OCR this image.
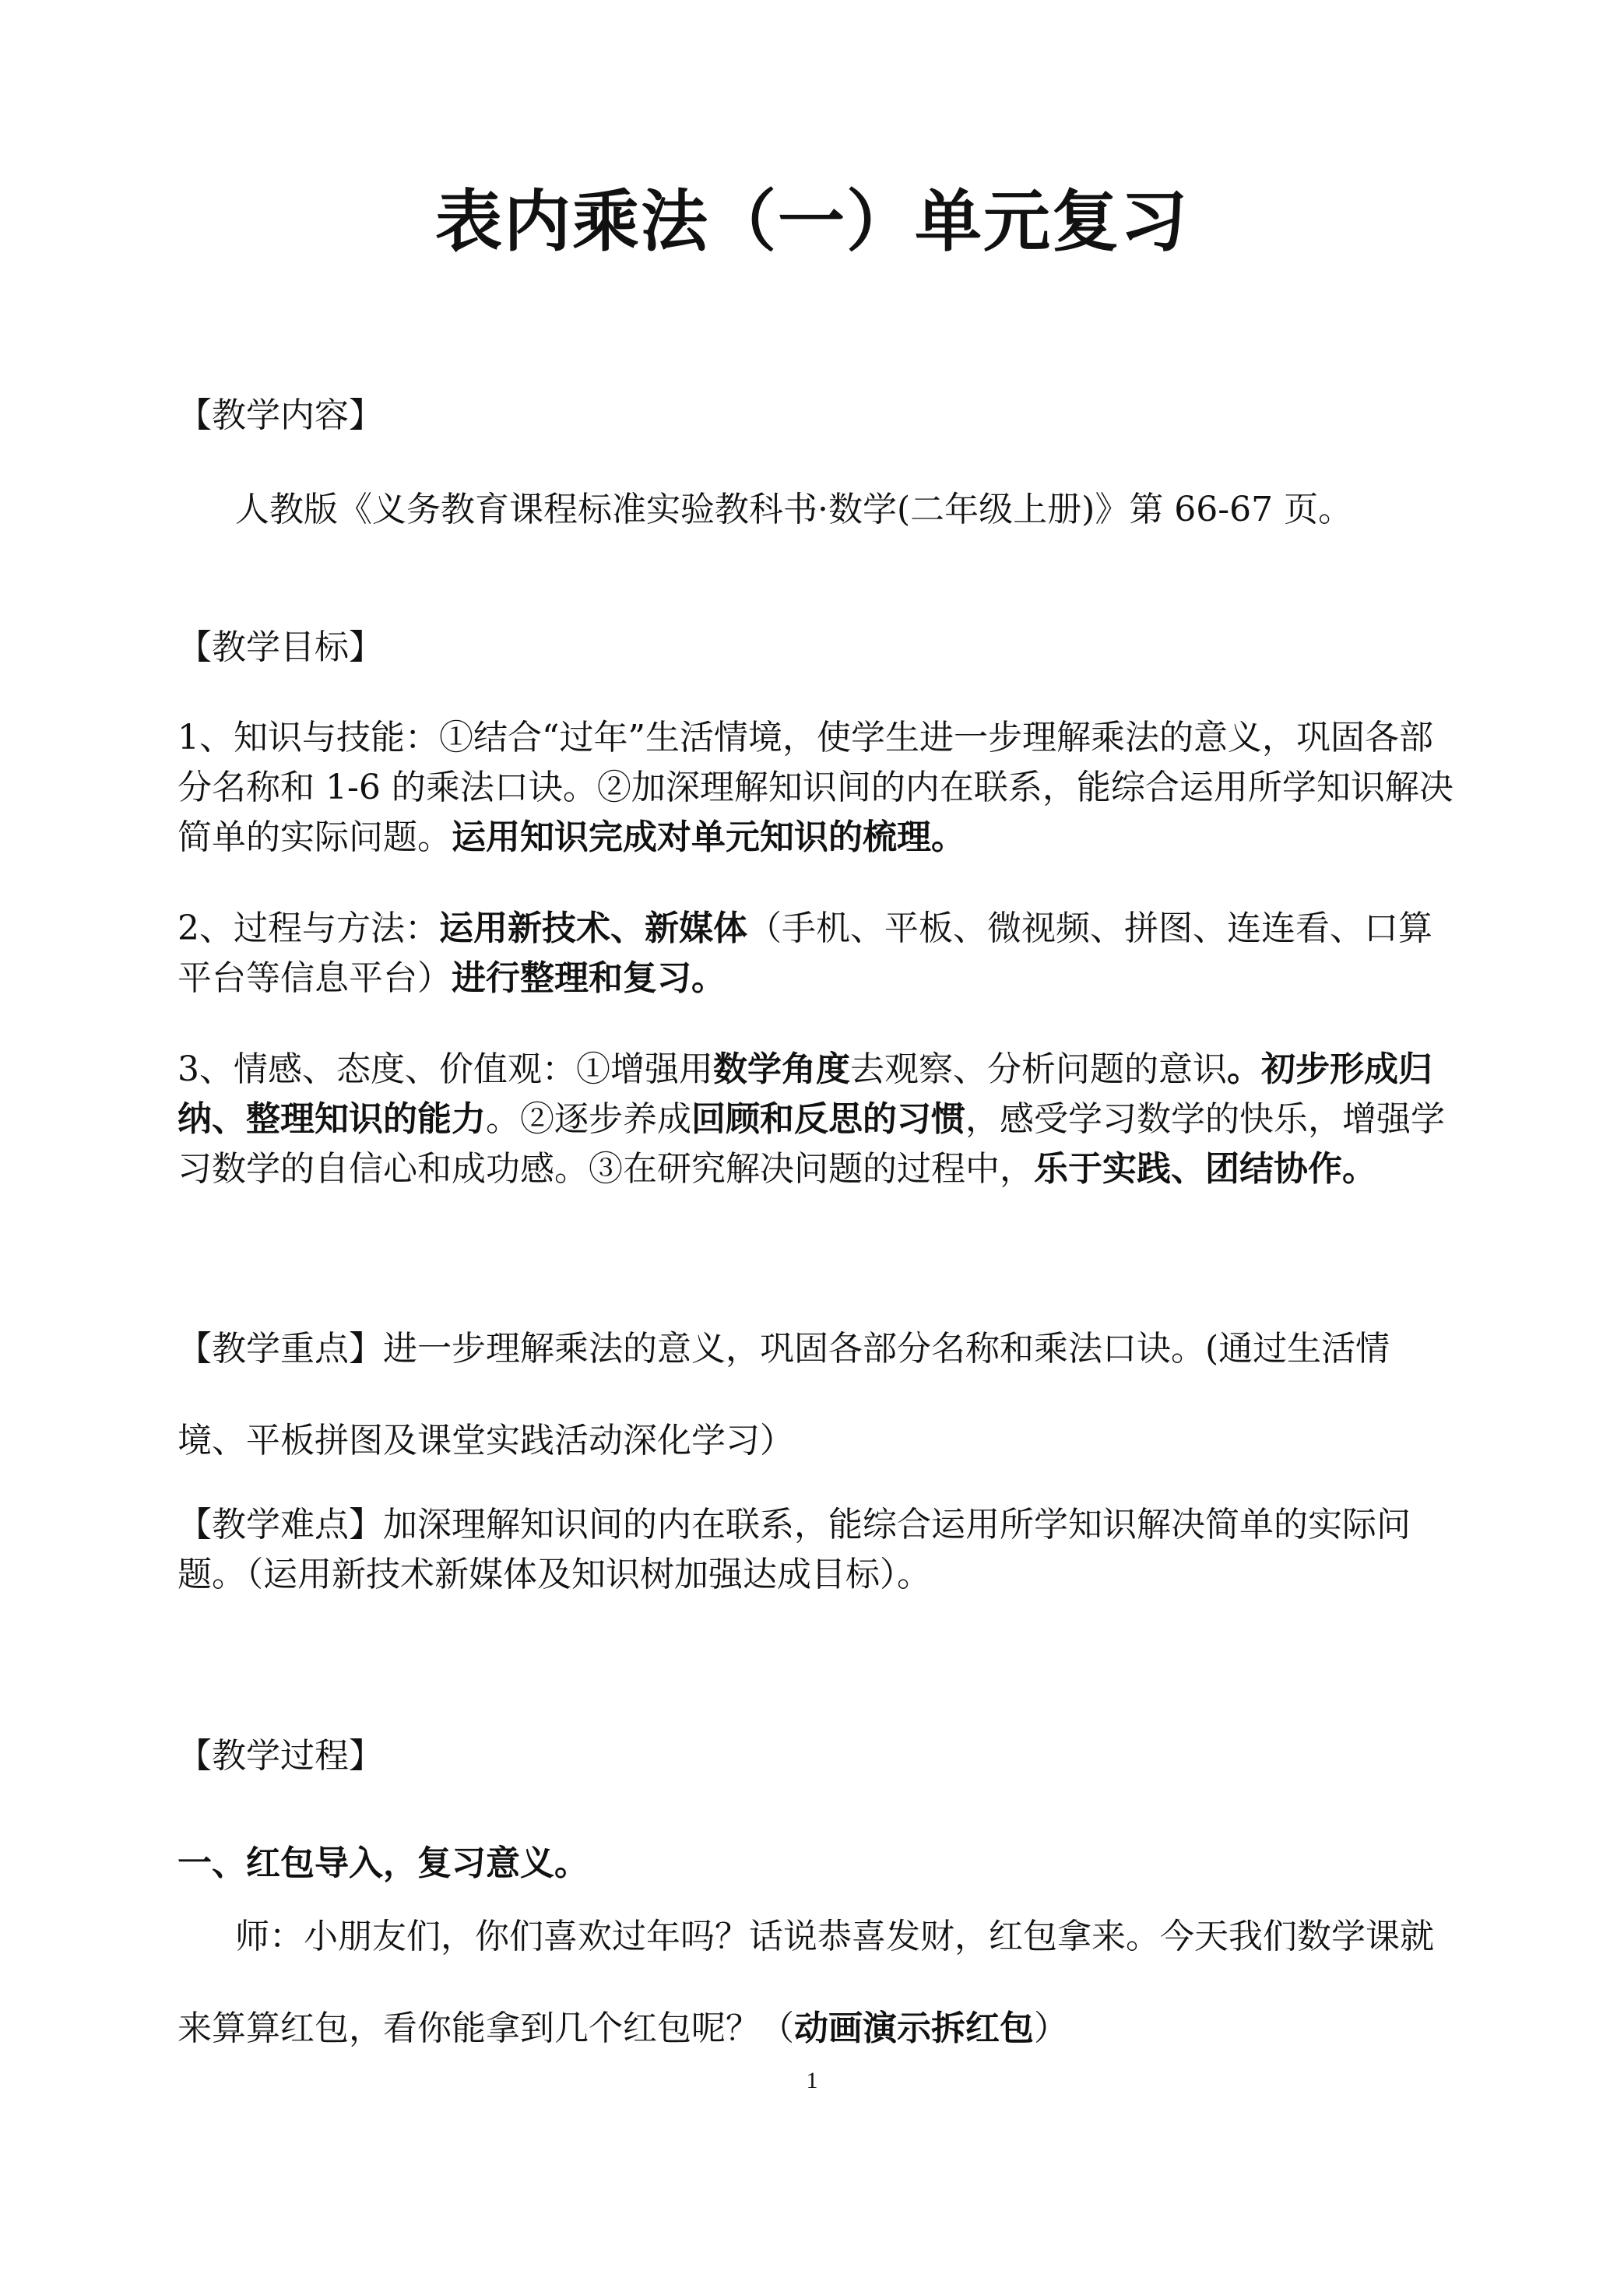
表内乘法（一）单元复习
【教学内容】
人教版《义务教育课程标准实验教科书·数学(二年级上册)》第 66-67 页。
【教学目标】
1、知识与技能：①结合“过年”生活情境，使学生进一步理解乘法的意义，巩固各部分名称和 1-6 的乘法口诀。②加深理解知识间的内在联系，能综合运用所学知识解决简单的实际问题。运用知识完成对单元知识的梳理。
2、过程与方法：运用新技术、新媒体（手机、平板、微视频、拼图、连连看、口算平台等信息平台）进行整理和复习。
3、情感、态度、价值观：①增强用数学角度去观察、分析问题的意识。初步形成归纳、整理知识的能力。②逐步养成回顾和反思的习惯，感受学习数学的快乐，增强学习数学的自信心和成功感。③在研究解决问题的过程中，乐于实践、团结协作。
【教学重点】进一步理解乘法的意义，巩固各部分名称和乘法口诀。(通过生活情境、平板拼图及课堂实践活动深化学习）
【教学难点】加深理解知识间的内在联系，能综合运用所学知识解决简单的实际问题。（运用新技术新媒体及知识树加强达成目标）。
【教学过程】
一、红包导入，复习意义。
师：小朋友们，你们喜欢过年吗？话说恭喜发财，红包拿来。今天我们数学课就来算算红包，看你能拿到几个红包呢？（动画演示拆红包）
1
